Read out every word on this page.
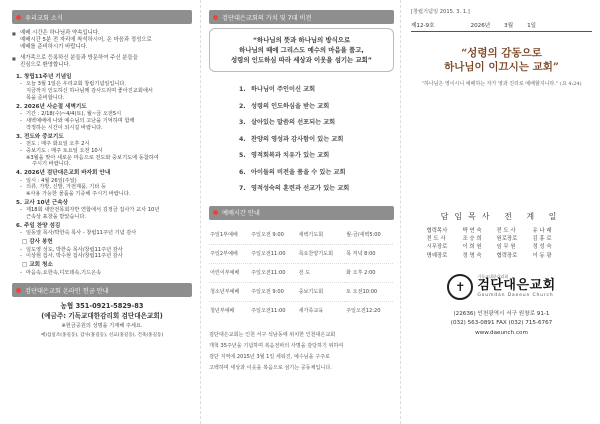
우리교회 소식
■ 예배 시간은 하나님과 약속입니다.
예배시간 5분 전 자리에 착석하시어, 온 마음과 정성으로
예배를 준비하시기 바랍니다.
■ 새가족으로 등록하신 분들과 방문하여 주신 분들을
진심으로 환영합니다.
1. 창립11주년 기념일
- 오늘 3월 1일은 우리교회 창립기념일입니다.
지금까지 인도하신 하나님께 감사드리며 좋아진교회에서
목을 준비합니다.
2. 2026년 사순절 새벽기도
- 기간 : 2/18(수)~4/4(토), 월~금 오전5시
- 새벽예배에 나와 예수님의 고난을 기억하며 함께
작정하는 시간이 되시길 바랍니다.
3. 전도와 중보기도
- 전도 : 매주 화요일 오후 2시
- 중보기도 : 매주 토요일 오전 10시
※3월을 맞아 새로운 마음으로 전도와 중보기도에 동참하여
주시기 바랍니다.
4. 2026년 검단대은교회 바자회 안내
- 일시 : 4월 26일(주일)
- 의류, 가방, 신발, 가전제품, 기타 등
※사용 가능한 물품을 기증해 주시기 바랍니다.
5. 교사 10년 근속상
- 제18회 새안전목회자반 연합에서 김정금 집사가 교사 10년
근속상 표창을 받았습니다.
6. 주일 찬양 섬김
- 임동열 목사/박한숙 목사 - 창립11주년 기념 감사
□ 감사 봉헌
- 임도영 성도, 박한숙 목사/창립11주년 감사
- 이상현 집사, 박수현 집사/창립11주년 감사
□ 교회 청소
- 마음속,요한속,디모데속,기드온속
검단대은교회 온라인 헌금 안내
농협 351-0921-5829-83
(예금주: 기독교대한감리회 검단대은교회)
※헌금공원의 성명을 기재해 주세요.
예)십일조(홍길동), 감사(홍길동), 선교(홍길동), 건축(홍길동)
검단대은교회의 가치 및 7대 비전
“하나님의 뜻과 하나님의 방식으로
하나님의 때에 그리스도 예수의 마음을 품고,
성령의 인도하심 따라 세상과 이웃을 섬기는 교회”
1. 하나님이 주인이신 교회
2. 성령의 인도하심을 받는 교회
3. 살아있는 말씀의 선포되는 교회
4. 찬양의 영성과 감사함이 있는 교회
5. 영적회복과 치유가 있는 교회
6. 아이들의 비전을 품을 수 있는 교회
7. 영적성숙의 훈련과 선교가 있는 교회
예배시간 안내
주일1부예배	주일오전 9:00	새벽기도회	월-금/새벽5:00
주일2부예배	주일오전11:00	목요찬양기도회	목 저녁 8:00
어린이부예배	주일오전11:00	전 도	화 오후 2:00
청소년부예배	주일오전 9:00	중보기도회	토 오전10:00
청년부예배	주일오전11:00	새가족교육	주일오전12:20
검단대은교회는 인천 서구 석남동에 위치한 인천대은교회
개척 35주년을 기념하며 복음전파의 사명을 감당하기 위하여
검단 지역에 2015년 3월 1일 세워진, 예수님을 구주로
고백하며 세상과 이웃을 복음으로 섬기는 공동체입니다.
[창립기념일 2015. 3. 1.]
제12-9호	2026년	3월	1일
“성령의 감동으로
하나님이 이끄시는 교회”
“하나님은 영이시니 예배하는 자가 영과 진리로 예배할지니라.” (요 4:24)
담임목사 전 계 일
협력목사	박 연 숙	전 도 사	유 나 래
전 도 사	조 승 희	원로장로	김 홍 로
시무장로	이 희 원	임 무 원	정 성 숙
명예장로	정 명 숙	협력장로	이 동 광
✝
기독교대한감리회
검단대은교회
Goumdan Daeeun Church
(22636) 인천광역시 서구 원창로 91-1
(032) 563-0891 FAX (032) 715-6767
www.daeunch.com
